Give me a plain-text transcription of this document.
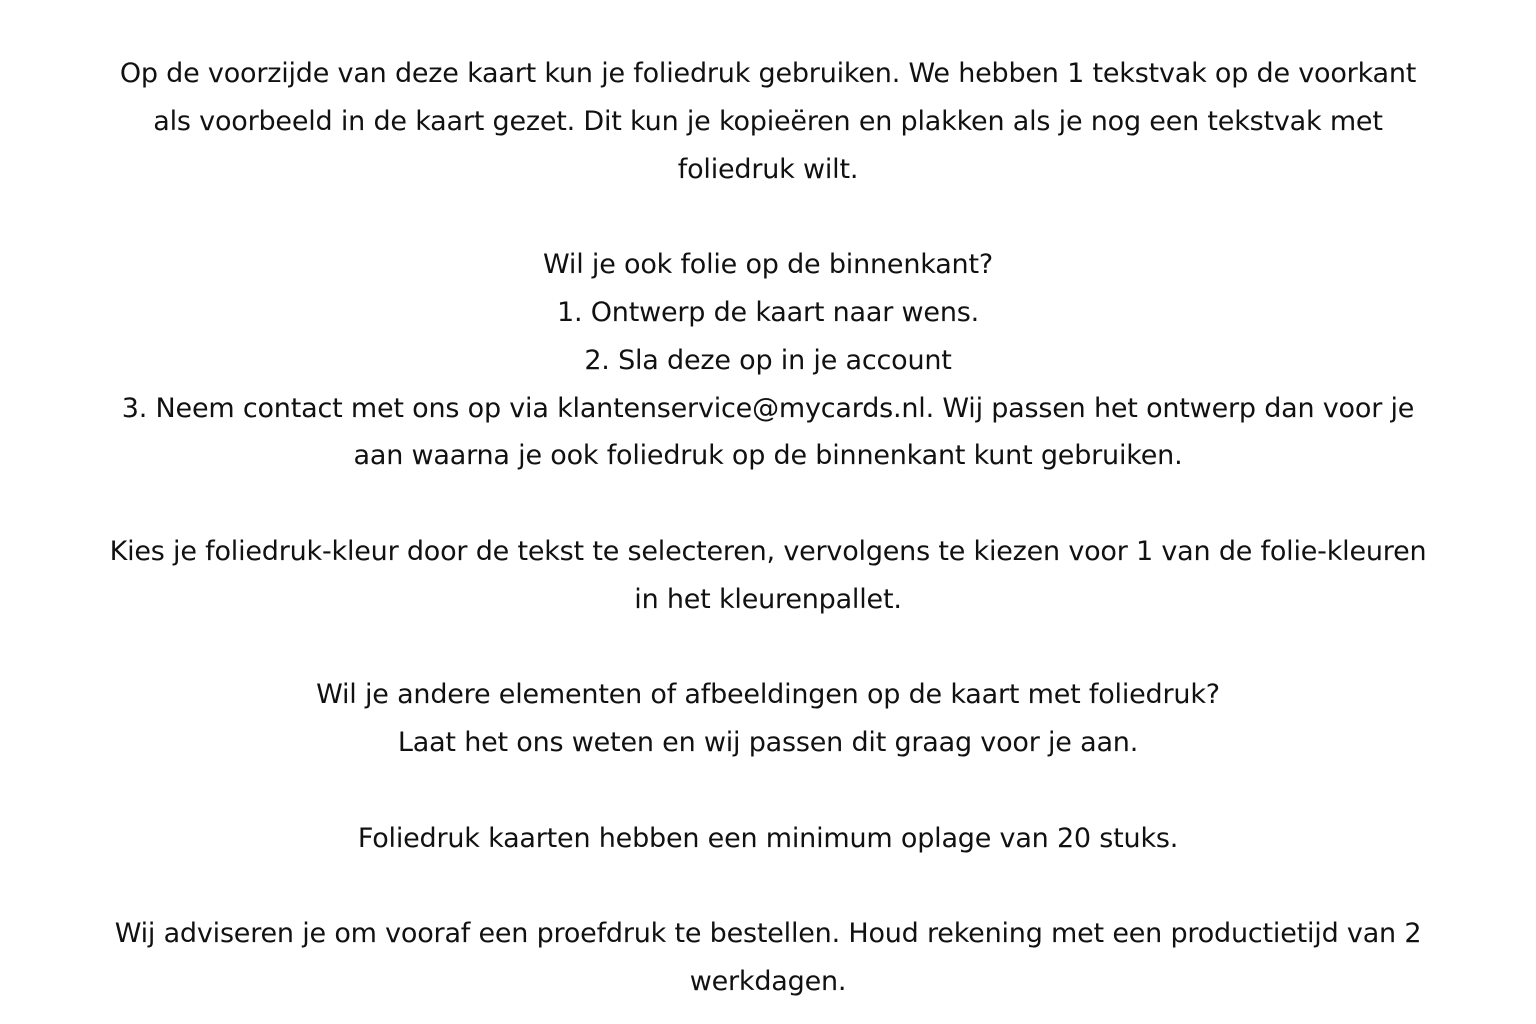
Op de voorzijde van deze kaart kun je foliedruk gebruiken. We hebben 1 tekstvak op de voorkant
als voorbeeld in de kaart gezet. Dit kun je kopieëren en plakken als je nog een tekstvak met
foliedruk wilt.
Wil je ook folie op de binnenkant?
1. Ontwerp de kaart naar wens.
2. Sla deze op in je account
3. Neem contact met ons op via klantenservice@mycards.nl. Wij passen het ontwerp dan voor je
aan waarna je ook foliedruk op de binnenkant kunt gebruiken.
Kies je foliedruk-kleur door de tekst te selecteren, vervolgens te kiezen voor 1 van de folie-kleuren
in het kleurenpallet.
Wil je andere elementen of afbeeldingen op de kaart met foliedruk?
Laat het ons weten en wij passen dit graag voor je aan.
Foliedruk kaarten hebben een minimum oplage van 20 stuks.
Wij adviseren je om vooraf een proefdruk te bestellen. Houd rekening met een productietijd van 2
werkdagen.
